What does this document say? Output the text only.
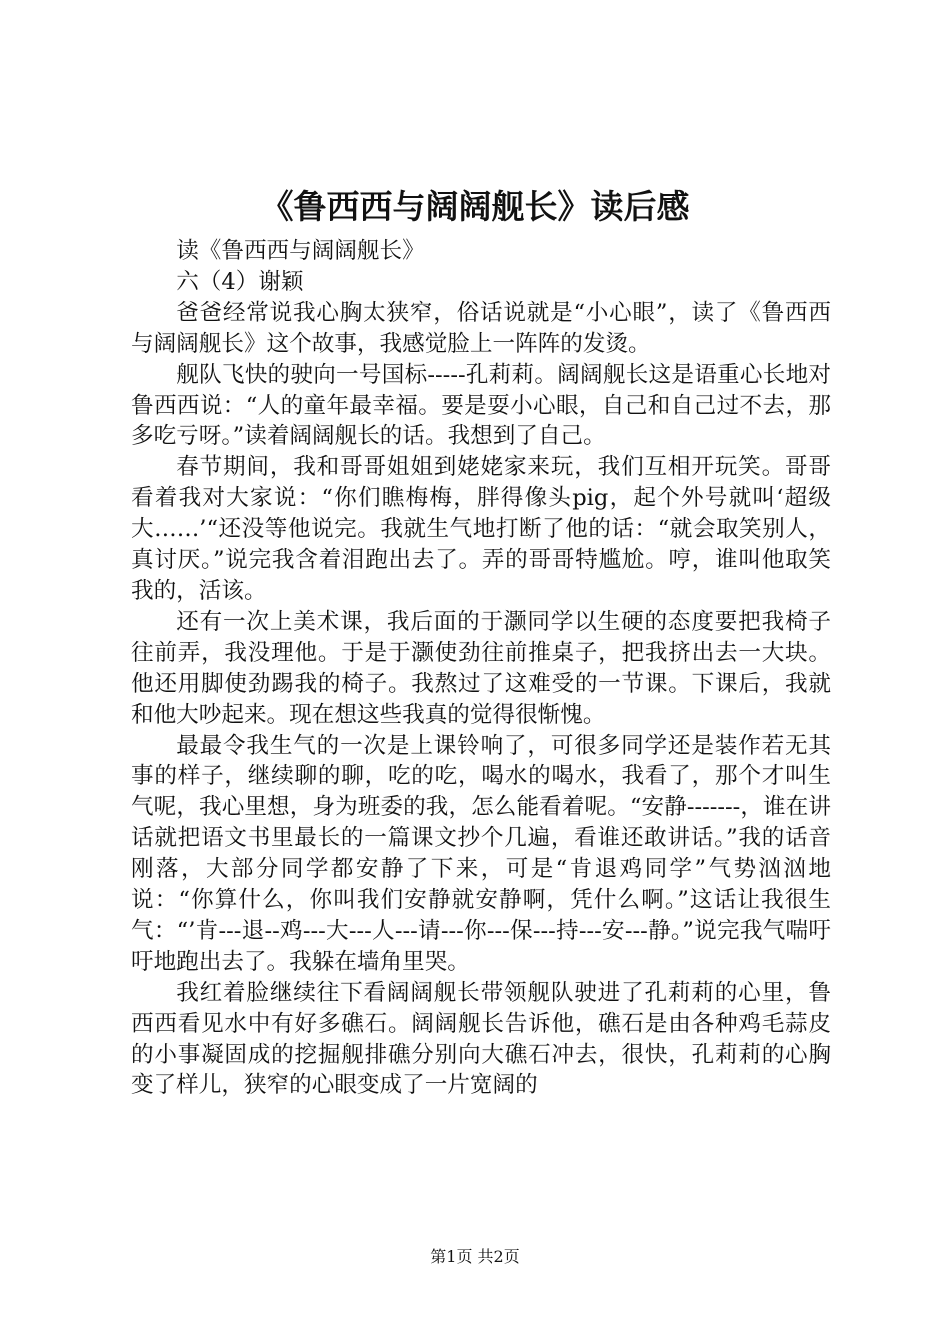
《鲁西西与阔阔舰长》读后感

读《鲁西西与阔阔舰长》

六（4）谢颖

爸爸经常说我心胸太狭窄，俗话说就是“小心眼”，读了《鲁西西与阔阔舰长》这个故事，我感觉脸上一阵阵的发烫。

舰队飞快的驶向一号国标-----孔莉莉。阔阔舰长这是语重心长地对鲁西西说：“人的童年最幸福。要是耍小心眼，自己和自己过不去，那多吃亏呀。”读着阔阔舰长的话。我想到了自己。

春节期间，我和哥哥姐姐到姥姥家来玩，我们互相开玩笑。哥哥看着我对大家说：“你们瞧梅梅，胖得像头pig，起个外号就叫‘超级大……’“还没等他说完。我就生气地打断了他的话：“就会取笑别人，真讨厌。”说完我含着泪跑出去了。弄的哥哥特尴尬。哼，谁叫他取笑我的，活该。

还有一次上美术课，我后面的于灏同学以生硬的态度要把我椅子往前弄，我没理他。于是于灏使劲往前推桌子，把我挤出去一大块。他还用脚使劲踢我的椅子。我熬过了这难受的一节课。下课后，我就和他大吵起来。现在想这些我真的觉得很惭愧。

最最令我生气的一次是上课铃响了，可很多同学还是装作若无其事的样子，继续聊的聊，吃的吃，喝水的喝水，我看了，那个才叫生气呢，我心里想，身为班委的我，怎么能看着呢。“安静-------，谁在讲话就把语文书里最长的一篇课文抄个几遍，看谁还敢讲话。”我的话音刚落，大部分同学都安静了下来，可是“肯退鸡同学”气势汹汹地说：“你算什么，你叫我们安静就安静啊，凭什么啊。”这话让我很生气：“’肯---退--鸡---大---人---请---你---保---持---安---静。”说完我气喘吁吁地跑出去了。我躲在墙角里哭。

我红着脸继续往下看阔阔舰长带领舰队驶进了孔莉莉的心里，鲁西西看见水中有好多礁石。阔阔舰长告诉他，礁石是由各种鸡毛蒜皮的小事凝固成的挖掘舰排礁分别向大礁石冲去，很快，孔莉莉的心胸变了样儿，狭窄的心眼变成了一片宽阔的

第1页 共2页
